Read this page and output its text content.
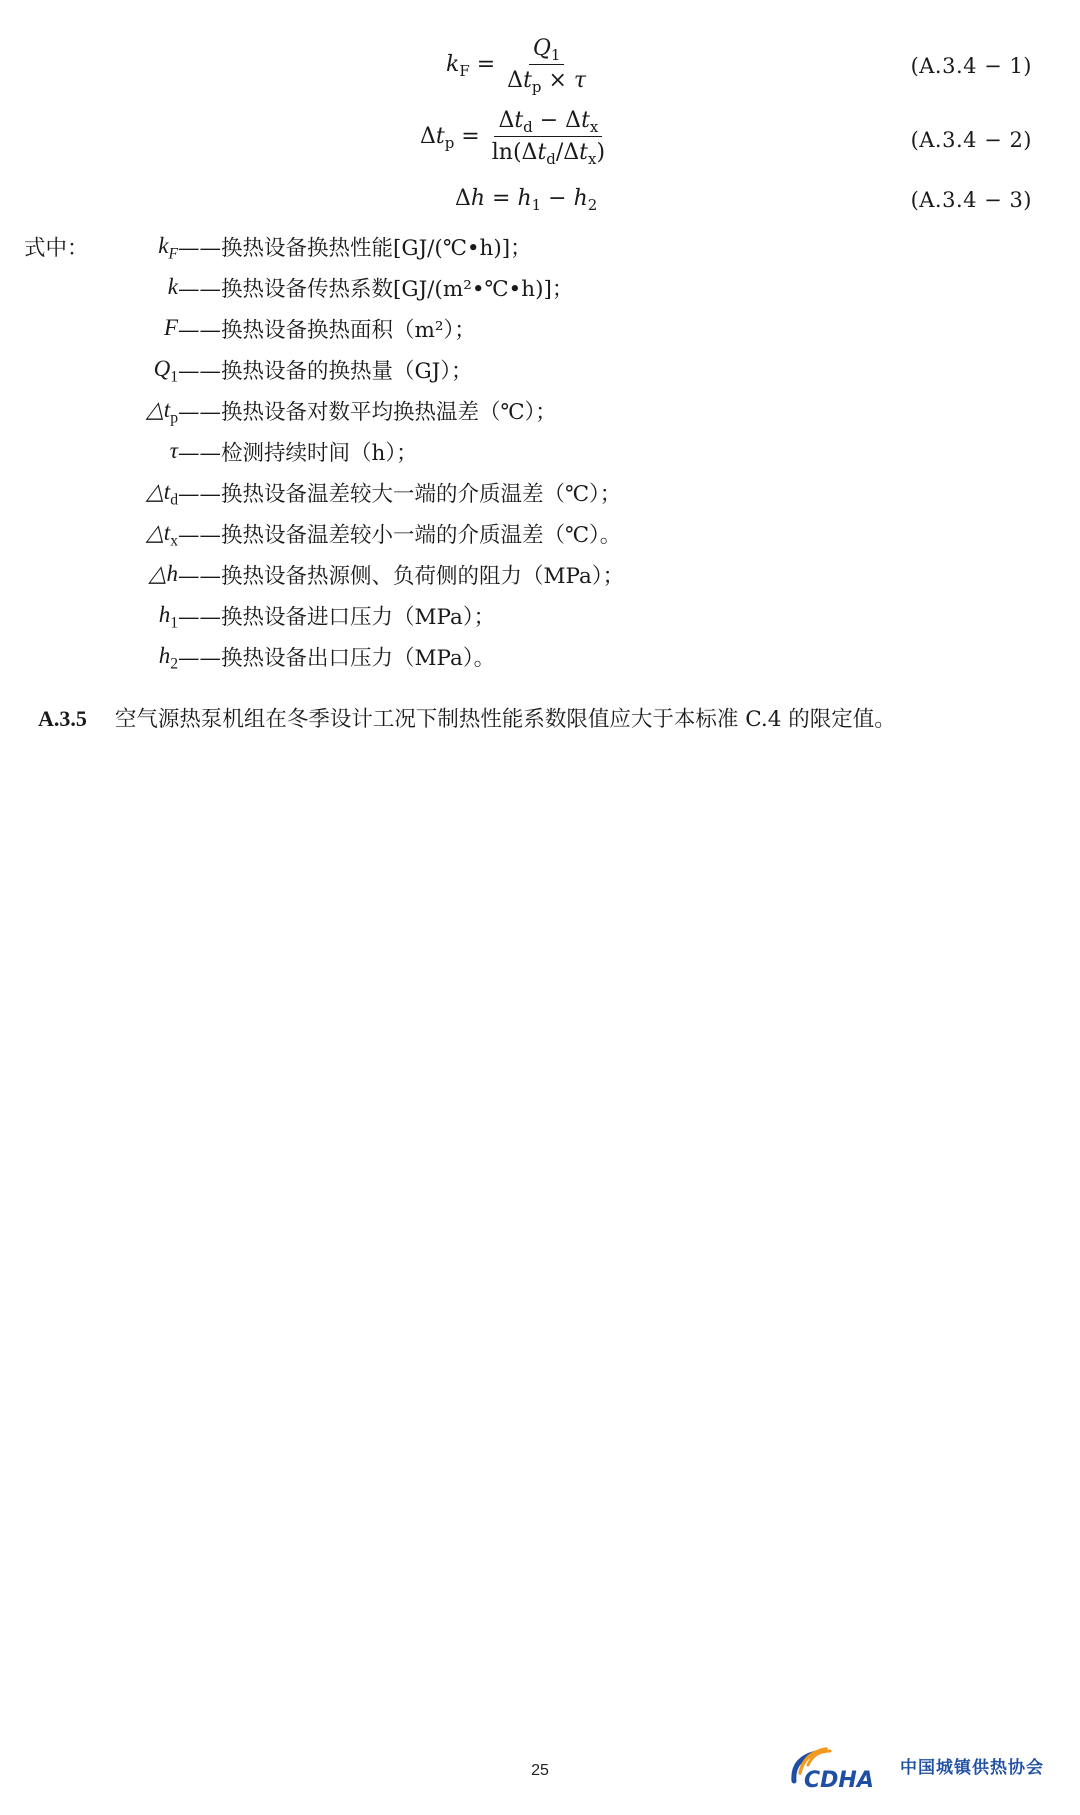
$k_F = \frac{Q_1}{\Delta t_p \times \tau}$	(A.3.4 − 1)
$\Delta t_p = \frac{\Delta t_d - \Delta t_x}{\ln(\Delta t_d/\Delta t_x)}$	(A.3.4 − 2)
$\Delta h = h_1 - h_2$	(A.3.4 − 3)
式中：	$k_F$ ——换热设备换热性能[GJ/(℃•h)]；
k ——换热设备传热系数[GJ/(m²•℃•h)]；
F ——换热设备换热面积（m²）；
$Q_1$ ——换热设备的换热量（GJ）；
$\triangle t_p$ ——换热设备对数平均换热温差（℃）；
τ ——检测持续时间（h）；
$\triangle t_d$ ——换热设备温差较大一端的介质温差（℃）；
$\triangle t_x$ ——换热设备温差较小一端的介质温差（℃）。
△h ——换热设备热源侧、负荷侧的阻力（MPa）；
$h_1$ ——换热设备进口压力（MPa）；
$h_2$ ——换热设备出口压力（MPa）。
A.3.5 空气源热泵机组在冬季设计工况下制热性能系数限值应大于本标准 C.4 的限定值。
25	CDHA
中国城镇供热协会
